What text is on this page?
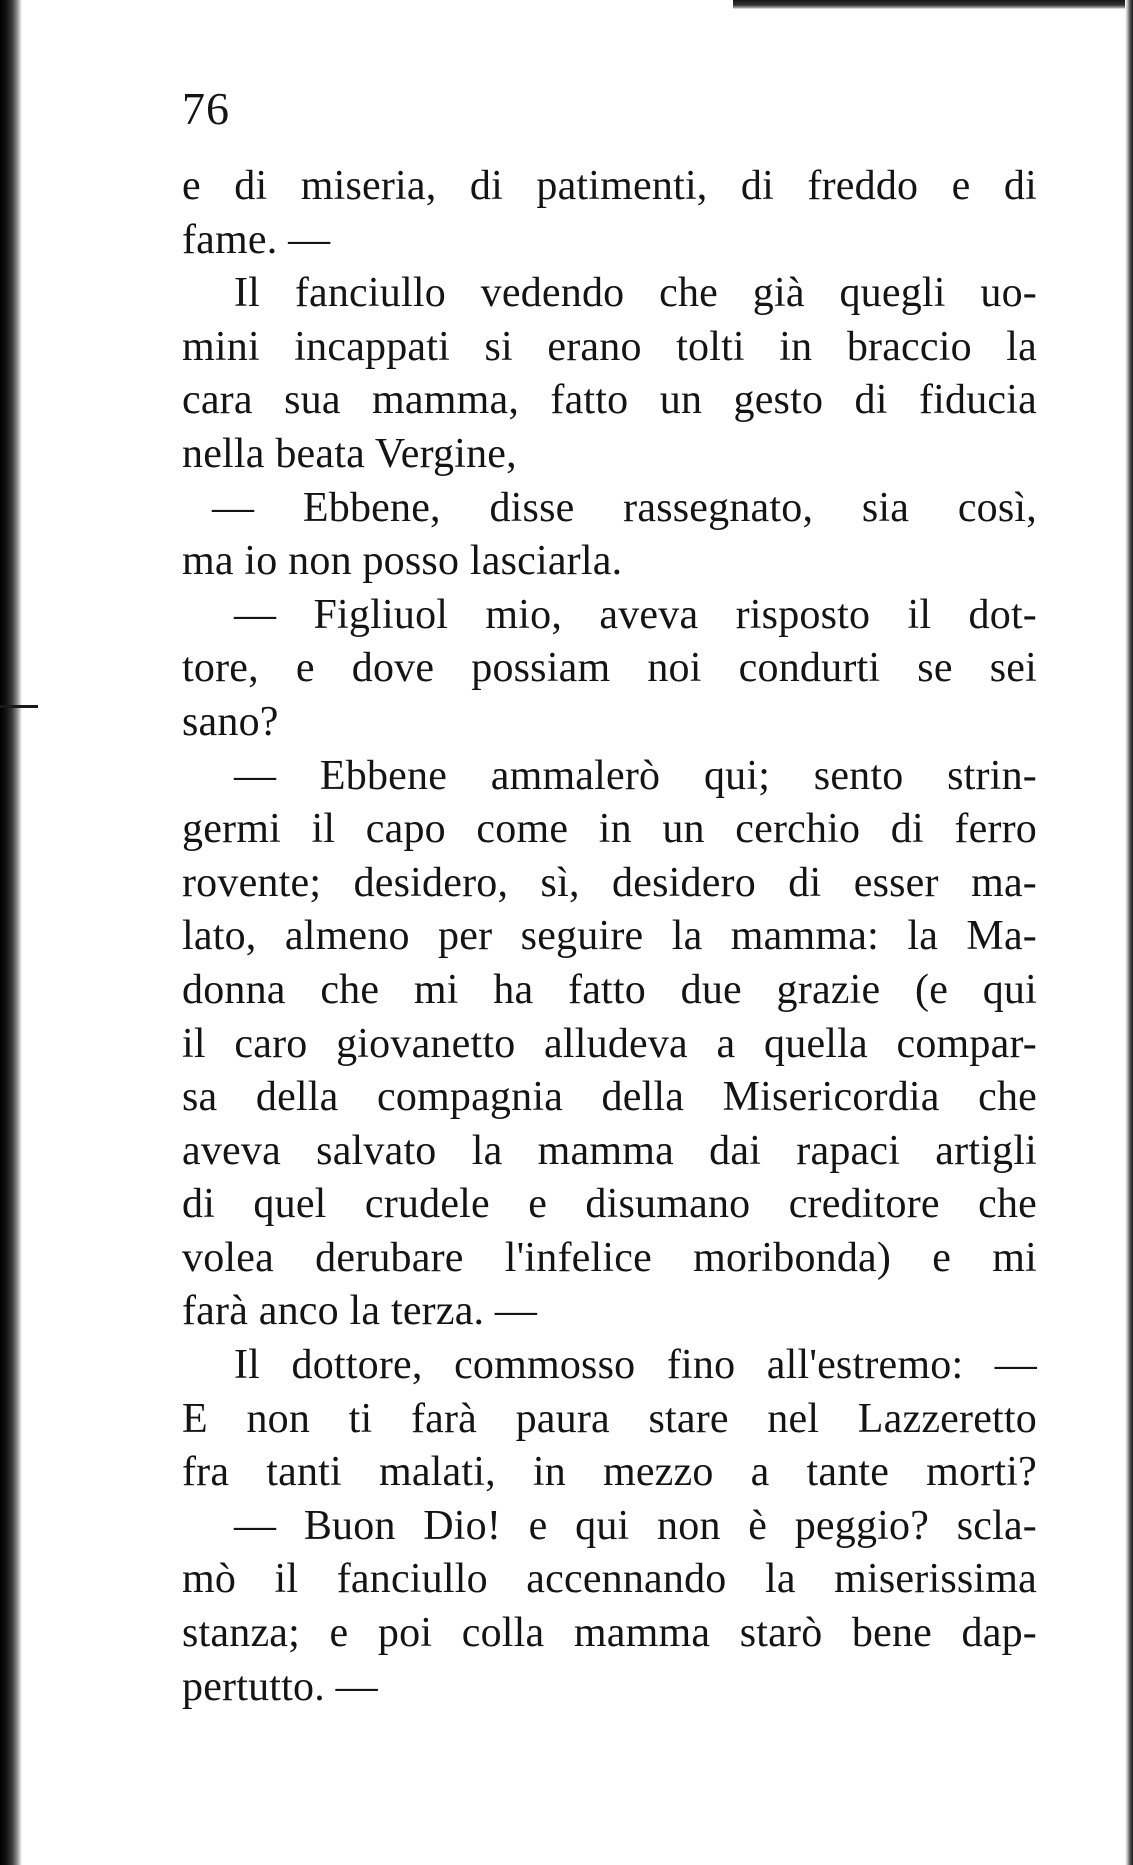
76
e di miseria, di patimenti, di freddo e di
fame. —
Il fanciullo vedendo che già quegli uo-
mini incappati si erano tolti in braccio la
cara sua mamma, fatto un gesto di fiducia
nella beata Vergine,
— Ebbene, disse rassegnato, sia così,
ma io non posso lasciarla.
— Figliuol mio, aveva risposto il dot-
tore, e dove possiam noi condurti se sei
sano?
— Ebbene ammalerò qui; sento strin-
germi il capo come in un cerchio di ferro
rovente; desidero, sì, desidero di esser ma-
lato, almeno per seguire la mamma: la Ma-
donna che mi ha fatto due grazie (e qui
il caro giovanetto alludeva a quella compar-
sa della compagnia della Misericordia che
aveva salvato la mamma dai rapaci artigli
di quel crudele e disumano creditore che
volea derubare l'infelice moribonda) e mi
farà anco la terza. —
Il dottore, commosso fino all'estremo: —
E non ti farà paura stare nel Lazzeretto
fra tanti malati, in mezzo a tante morti?
— Buon Dio! e qui non è peggio? scla-
mò il fanciullo accennando la miserissima
stanza; e poi colla mamma starò bene dap-
pertutto. —
